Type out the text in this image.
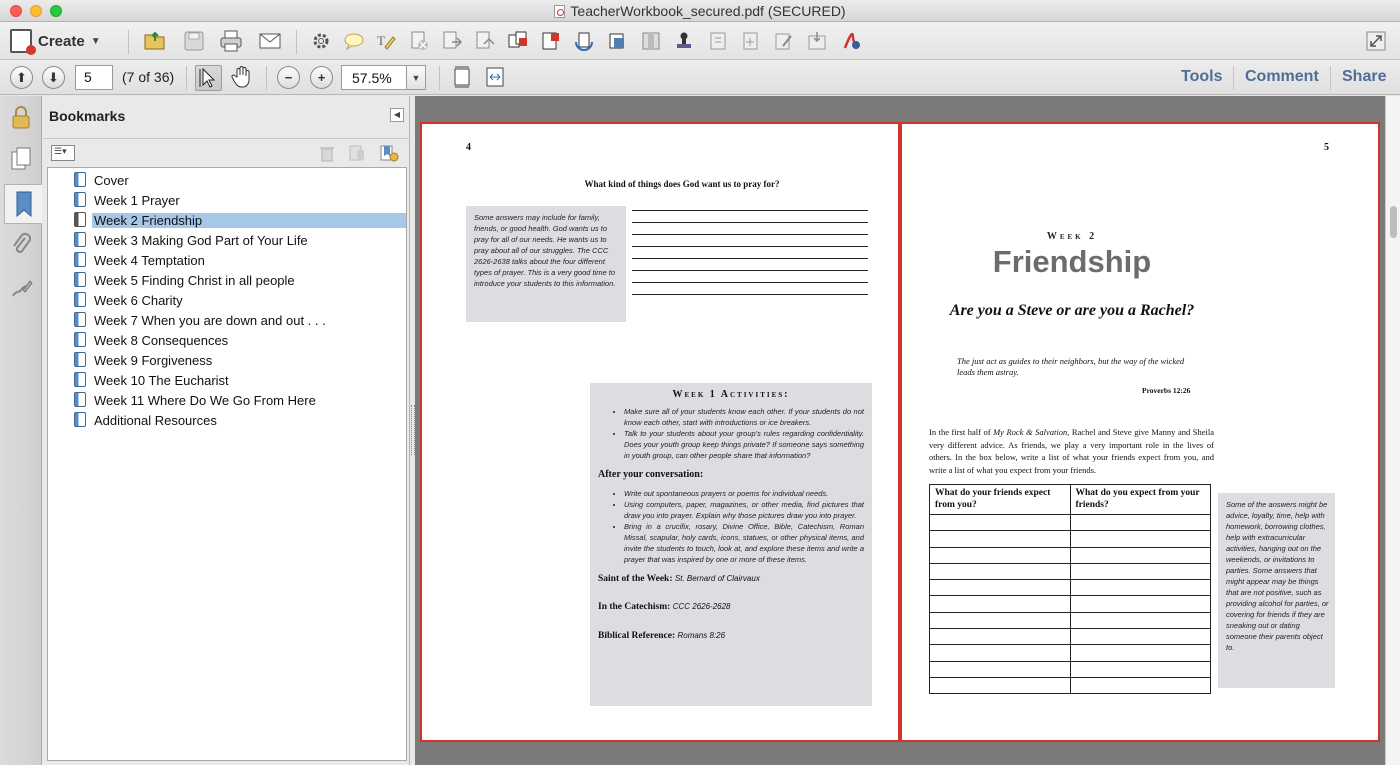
TeacherWorkbook_secured.pdf (SECURED)
Create ▼	T
⬆ ⬇	5	(7 of 36)	− +	57.5%	▼	Tools Comment Share
Bookmarks	◀
☰▾
Cover
Week 1 Prayer
Week 2 Friendship
Week 3 Making God Part of Your Life
Week 4 Temptation
Week 5 Finding Christ in all people
Week 6 Charity
Week 7 When you are down and out . . .
Week 8 Consequences
Week 9 Forgiveness
Week 10 The Eucharist
Week 11 Where Do We Go From Here
Additional Resources
4
What kind of things does God want us to pray for?
Some answers may include for family, friends, or good health. God wants us to pray for all of our needs. He wants us to pray about all of our struggles. The CCC 2626-2638 talks about the four different types of prayer. This is a very good time to introduce your students to this information.
Week 1 Activities:
• Make sure all of your students know each other. If your students do not know each other, start with introductions or ice breakers.
• Talk to your students about your group's rules regarding confidentiality. Does your youth group keep things private? If someone says something in youth group, can other people share that information?
After your conversation:
• Write out spontaneous prayers or poems for individual needs.
• Using computers, paper, magazines, or other media, find pictures that draw you into prayer. Explain why those pictures draw you into prayer.
• Bring in a crucifix, rosary, Divine Office, Bible, Catechism, Roman Missal, scapular, holy cards, icons, statues, or other physical items, and invite the students to touch, look at, and explore these items and write a prayer that was inspired by one or more of these items.
Saint of the Week: St. Bernard of Clairvaux
In the Catechism: CCC 2626-2628
Biblical Reference: Romans 8:26
5
Week 2
Friendship
Are you a Steve or are you a Rachel?
The just act as guides to their neighbors, but the way of the wicked leads them astray.
Proverbs 12:26
In the first half of My Rock & Salvation, Rachel and Steve give Manny and Sheila very different advice. As friends, we play a very important role in the lives of others. In the box below, write a list of what your friends expect from you, and write a list of what you expect from your friends.
What do your friends expect from you?	What do you expect from your friends?

		Some of the answers might be advice, loyalty, time, help with homework, borrowing clothes, help with extracurricular activities, hanging out on the weekends, or invitations to parties. Some answers that might appear may be things that are not positive, such as providing alcohol for parties, or covering for friends if they are sneaking out or dating someone their parents object to.
